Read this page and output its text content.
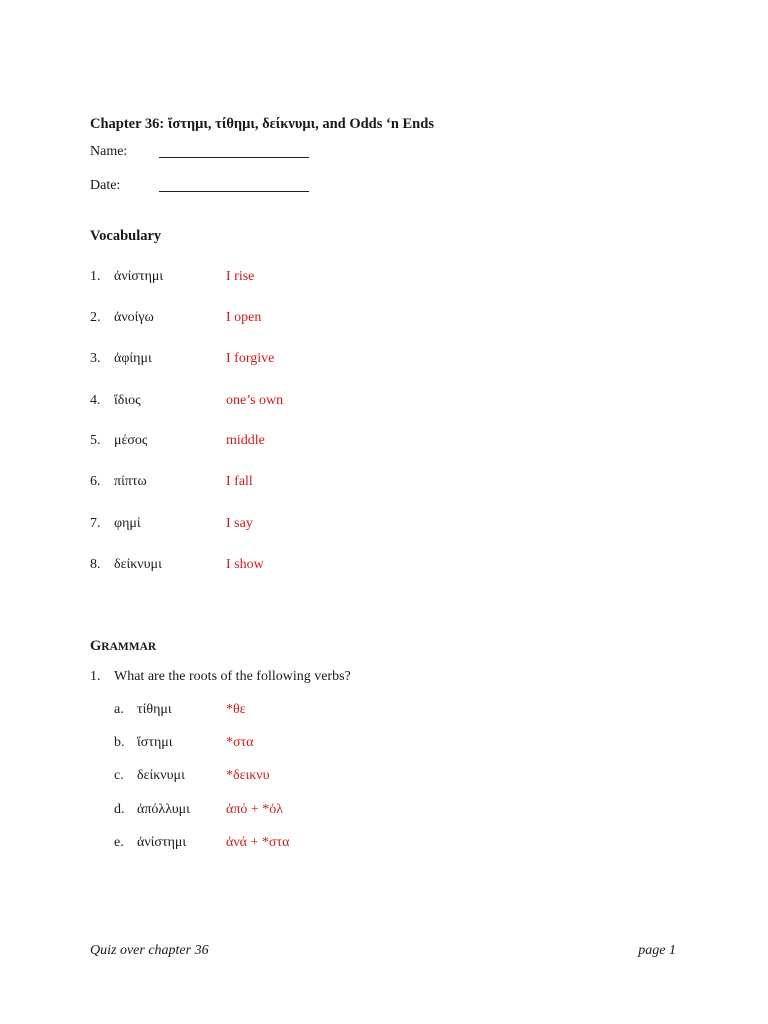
Chapter 36: ἵστημι, τίθημι, δείκνυμι, and Odds ‘n Ends
Name:
Date:
Vocabulary
1. ἀνίστημι	I rise
2. ἀνοίγω	I open
3. ἀφίημι	I forgive
4. ἴδιος	one’s own
5. μέσος	middle
6. πίπτω	I fall
7. φημί	I say
8. δείκνυμι	I show
GRAMMAR
1. What are the roots of the following verbs?
a. τίθημι	*θε
b. ἵστημι	*στα
c. δείκνυμι	*δεικνυ
d. ἀπόλλυμι	ἀπό + *ὀλ
e. ἀνίστημι	ἀνά + *στα
Quiz over chapter 36	page 1
